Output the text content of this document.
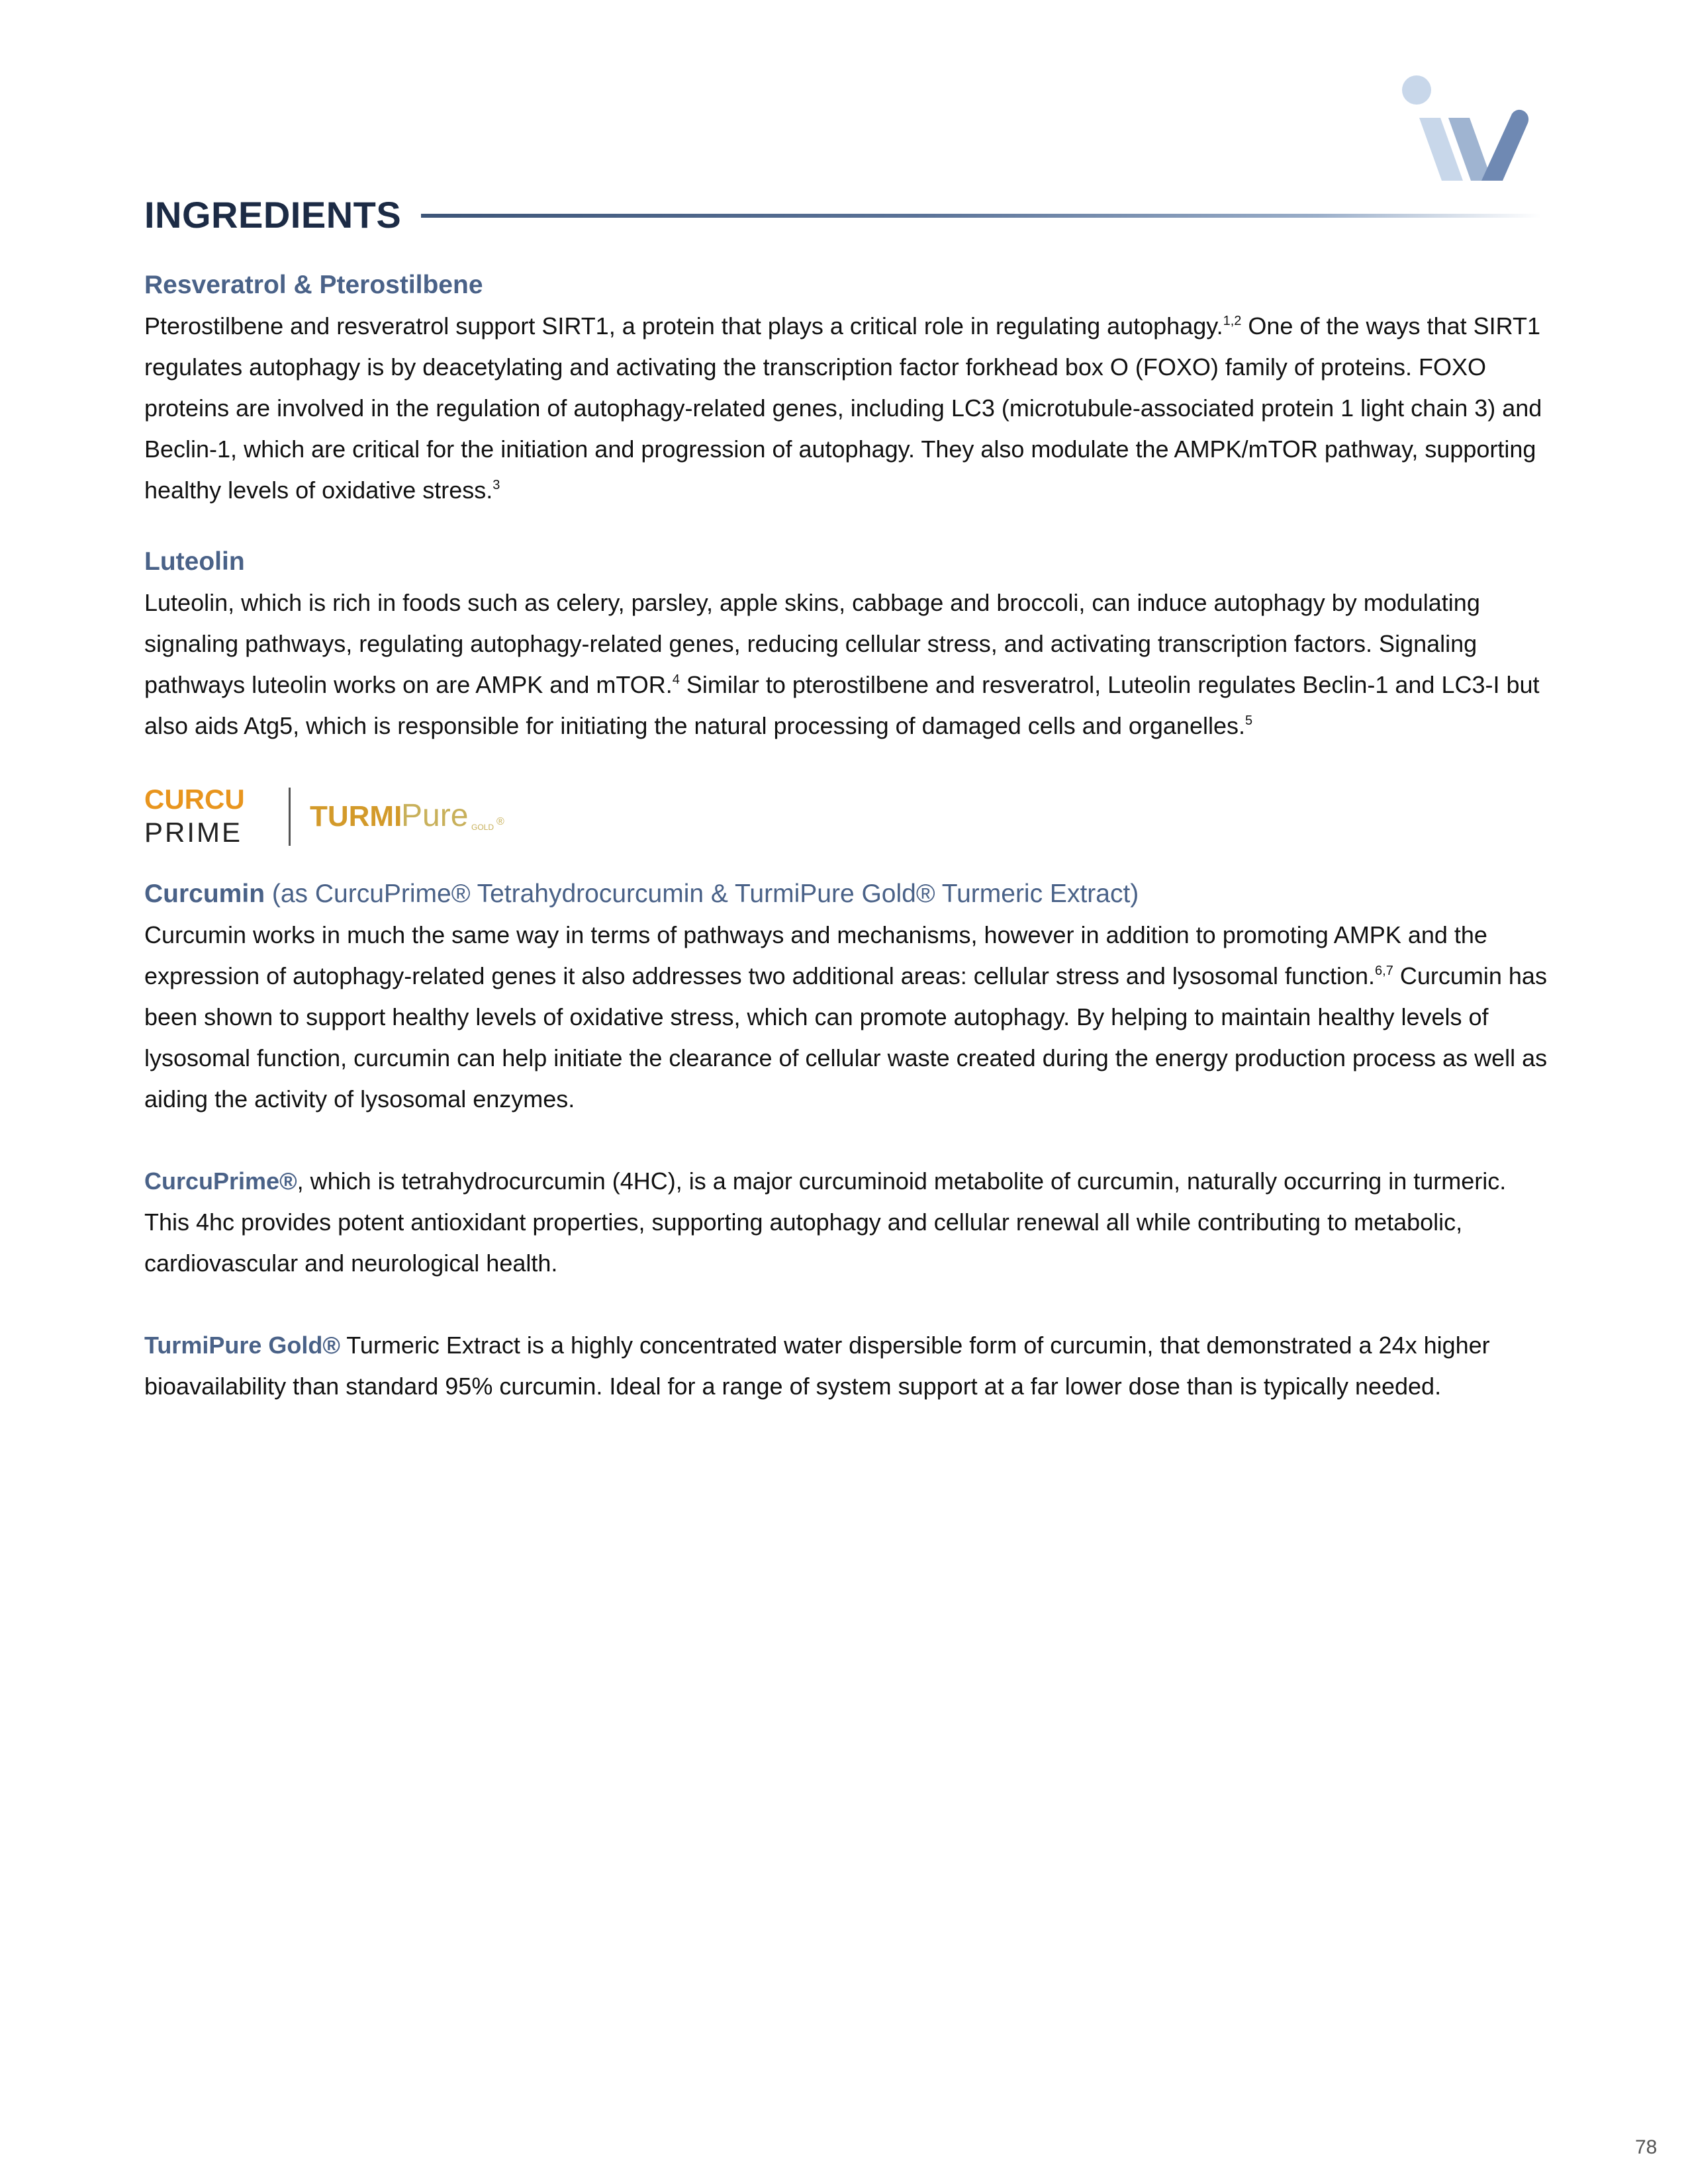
INGREDIENTS
Resveratrol & Pterostilbene

Pterostilbene and resveratrol support SIRT1, a protein that plays a critical role in regulating autophagy.$^{1,2}$ One of the ways that SIRT1 regulates autophagy is by deacetylating and activating the transcription factor forkhead box O (FOXO) family of proteins. FOXO proteins are involved in the regulation of autophagy-related genes, including LC3 (microtubule-associated protein 1 light chain 3) and Beclin-1, which are critical for the initiation and progression of autophagy. They also modulate the AMPK/mTOR pathway, supporting healthy levels of oxidative stress.$^3$

Luteolin

Luteolin, which is rich in foods such as celery, parsley, apple skins, cabbage and broccoli, can induce autophagy by modulating signaling pathways, regulating autophagy-related genes, reducing cellular stress, and activating transcription factors. Signaling pathways luteolin works on are AMPK and mTOR.$^4$ Similar to pterostilbene and resveratrol, Luteolin regulates Beclin-1 and LC3-I but also aids Atg5, which is responsible for initiating the natural processing of damaged cells and organelles.$^5$

CURCU
PRIME TURMI
Pure GOLD ®
Curcumin (as CurcuPrime® Tetrahydrocurcumin & TurmiPure Gold® Turmeric Extract)

Curcumin works in much the same way in terms of pathways and mechanisms, however in addition to promoting AMPK and the expression of autophagy-related genes it also addresses two additional areas: cellular stress and lysosomal function.$^{6,7}$ Curcumin has been shown to support healthy levels of oxidative stress, which can promote autophagy. By helping to maintain healthy levels of lysosomal function, curcumin can help initiate the clearance of cellular waste created during the energy production process as well as aiding the activity of lysosomal enzymes.

CurcuPrime®, which is tetrahydrocurcumin (4HC), is a major curcuminoid metabolite of curcumin, naturally occurring in turmeric. This 4hc provides potent antioxidant properties, supporting autophagy and cellular renewal all while contributing to metabolic, cardiovascular and neurological health.

TurmiPure Gold® Turmeric Extract is a highly concentrated water dispersible form of curcumin, that demonstrated a 24x higher bioavailability than standard 95% curcumin. Ideal for a range of system support at a far lower dose than is typically needed.

78
